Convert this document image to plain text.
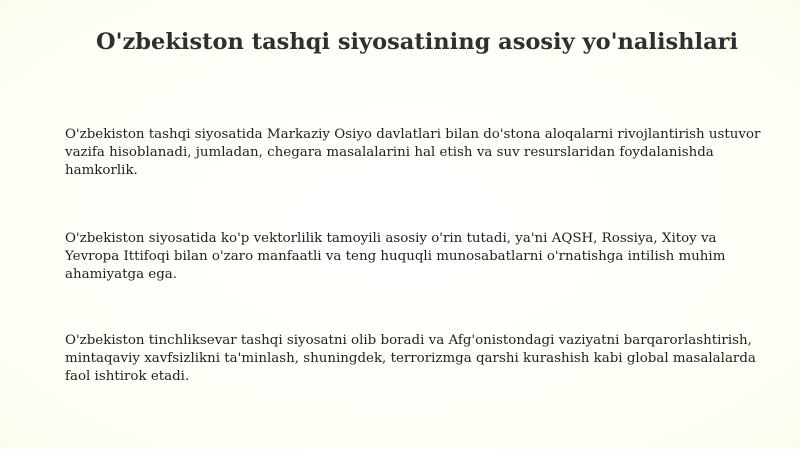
O'zbekiston tashqi siyosatining asosiy yo'nalishlari

O'zbekiston tashqi siyosatida Markaziy Osiyo davlatlari bilan do'stona aloqalarni rivojlantirish ustuvor vazifa hisoblanadi, jumladan, chegara masalalarini hal etish va suv resurslaridan foydalanishda hamkorlik.

O'zbekiston siyosatida ko'p vektorlilik tamoyili asosiy o'rin tutadi, ya'ni AQSH, Rossiya, Xitoy va Yevropa Ittifoqi bilan o'zaro manfaatli va teng huquqli munosabatlarni o'rnatishga intilish muhim ahamiyatga ega.

O'zbekiston tinchliksevar tashqi siyosatni olib boradi va Afg'onistondagi vaziyatni barqarorlashtirish, mintaqaviy xavfsizlikni ta'minlash, shuningdek, terrorizmga qarshi kurashish kabi global masalalarda faol ishtirok etadi.
